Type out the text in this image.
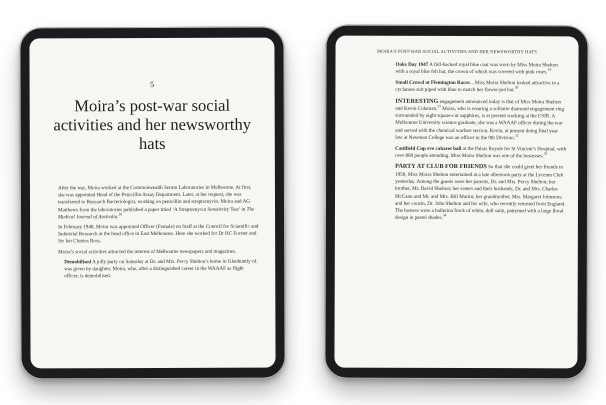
5
Moira’s post-war social activities and her newsworthy hats

After the war, Moira worked at the Commonwealth Serum Laboratories in Melbourne. At first, she was appointed Head of the Penicillin Assay Department. Later, at her request, she was transferred to Research Bacteriologist, working on penicillin and streptomycin. Moira and AG Matthews from the laboratories published a paper titled ‘A Streptomycin Sensitivity Test’ in The Medical Journal of Australia.$^{28}$

In February 1948, Moira was appointed Officer (Female) on Staff at the Council for Scientific and Industrial Research at the head office in East Melbourne. Here she worked for Dr HC Forster and Sir Ian Clunies Ross.

Moira’s social activities attracted the interest of Melbourne newspapers and magazines.

Demobilised A jolly party on Saturday at Dr. and Mrs. Percy Shelton’s home in Glenhuntly rd. was given by daughter, Moira, who, after a distinguished career in the WAAAF as flight officer, is demobilised.

MOIRA’S POST-WAR SOCIAL ACTIVITIES AND HER NEWSWORTHY HATS

Oaks Day 1947 A full-backed royal blue coat was worn by Miss Moira Shelton with a royal blue felt hat, the crown of which was covered with pink roses.$^{29}$

Small Crowd at Flemington Races…Miss Moira Shelton looked attractive in a cyclamen suit piped with blue to match her flower-pot hat.$^{30}$

INTERESTING engagement announced today is that of Miss Moira Shelton and Kevin Coleman.$^{31}$ Moira, who is wearing a solitaire diamond engagement ring surrounded by eight square-cut sapphires, is at present working at the CSIR. A Melbourne University science graduate, she was a WAAAF officer during the war and served with the chemical warfare section. Kevin, at present doing final year law at Newman College was an officer in the 9th Division.$^{32}$

Caulfield Cup eve cabaret ball at the Palais Royale for St Vincent’s Hospital, with over 800 people attending. Miss Moira Shelton was one of the hostesses.$^{33}$

PARTY AT CLUB FOR FRIENDS So that she could greet her friends in 1950, Miss Moira Shelton entertained at a late afternoon party at the Lyceum Club yesterday. Among the guests were her parents, Dr. and Mrs. Percy Shelton; her brother, Mr. David Shelton; her sisters and their husbands, Dr. and Mrs. Charles McCann and Mr. and Mrs. Bill Martin; her grandmother, Mrs. Margaret Johnston; and her cousin, Dr. John Shelton and his wife, who recently returned from England. The hostess wore a ballerina frock of white, dull satin, patterned with a large floral design in pastel shades.$^{34}$
